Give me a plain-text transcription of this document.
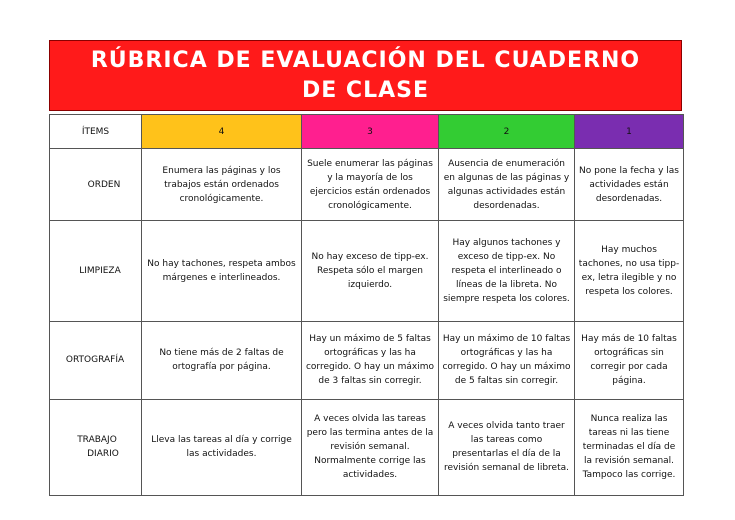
RÚBRICA DE EVALUACIÓN DEL CUADERNO DE CLASE
ÍTEMS	4	3	2	1
ORDEN	Enumera las páginas y los trabajos están ordenados cronológicamente.	Suele enumerar las páginas y la mayoría de los ejercicios están ordenados cronológicamente.	Ausencia de enumeración en algunas de las páginas y algunas actividades están desordenadas.	No pone la fecha y las actividades están desordenadas.
LIMPIEZA	No hay tachones, respeta ambos márgenes e interlineados.	No hay exceso de tipp-ex. Respeta sólo el margen izquierdo.	Hay algunos tachones y exceso de tipp-ex. No respeta el interlineado o líneas de la libreta. No siempre respeta los colores.	Hay muchos tachones, no usa tipp-ex, letra ilegible y no respeta los colores.
ORTOGRAFÍA	No tiene más de 2 faltas de ortografía por página.	Hay un máximo de 5 faltas ortográficas y las ha corregido. O hay un máximo de 3 faltas sin corregir.	Hay un máximo de 10 faltas ortográficas y las ha corregido. O hay un máximo de 5 faltas sin corregir.	Hay más de 10 faltas ortográficas sin corregir por cada página.
TRABAJO
DIARIO	Lleva las tareas al día y corrige las actividades.	A veces olvida las tareas pero las termina antes de la revisión semanal. Normalmente corrige las actividades.	A veces olvida tanto traer las tareas como presentarlas el día de la revisión semanal de libreta.	Nunca realiza las tareas ni las tiene terminadas el día de la revisión semanal. Tampoco las corrige.
